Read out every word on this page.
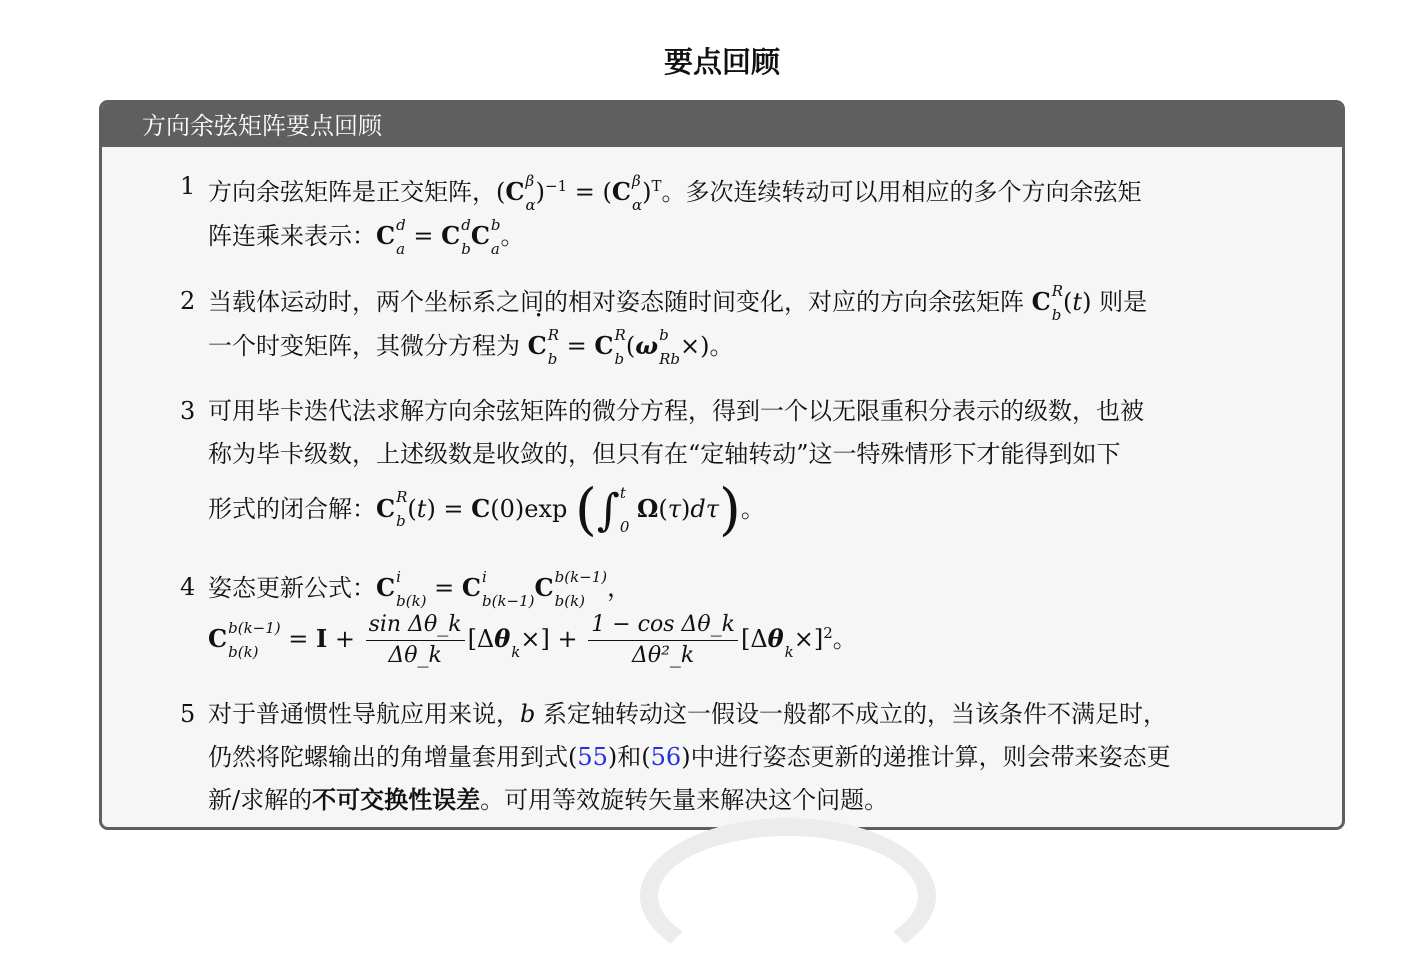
要点回顾
方向余弦矩阵要点回顾
1 方向余弦矩阵是正交矩阵，(C β
α )$^{-1}$ = (C β
α )$^T$。多次连续转动可以用相应的多个方向余弦矩
阵连乘来表示：C d
a = C d
b C b
a 。
2 当载体运动时，两个坐标系之间的相对姿态随时间变化，对应的方向余弦矩阵 C R
b (t) 则是
一个时变矩阵，其微分方程为 ˙ C R
b = C R
b (ω b
Rb ×)。
3 可用毕卡迭代法求解方向余弦矩阵的微分方程，得到一个以无限重积分表示的级数，也被
称为毕卡级数，上述级数是收敛的，但只有在“定轴转动”这一特殊情形下才能得到如下
形式的闭合解：C R
b (t) = C(0)exp (∫ t
0
Ω(τ)dτ)。
4 姿态更新公式：C i
b(k) = C i
b(k−1) C b(k−1)
b(k) ，
C b(k−1)
$b(k) = I + \frac{\text{sin Δθ\_k}}{\Delta\theta\_k} [\Delta\theta$
k ×] + $\frac{\text{1 − cos Δθ\_k}}{\text{Δθ²\_k}} [\Delta\theta$
k ×]$^2$。
5 对于普通惯性导航应用来说，b 系定轴转动这一假设一般都不成立的，当该条件不满足时，
仍然将陀螺输出的角增量套用到式(55)和(56)中进行姿态更新的递推计算，则会带来姿态更
新/求解的不可交换性误差。可用等效旋转矢量来解决这个问题。
